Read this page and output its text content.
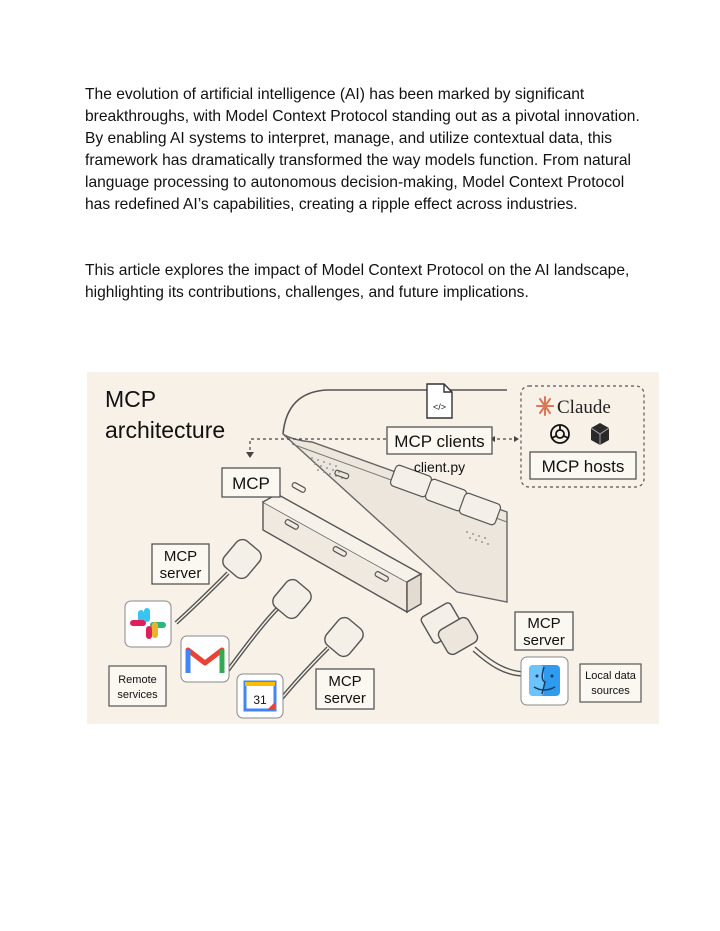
The evolution of artificial intelligence (AI) has been marked by significant breakthroughs, with Model Context Protocol standing out as a pivotal innovation. By enabling AI systems to interpret, manage, and utilize contextual data, this framework has dramatically transformed the way models function. From natural language processing to autonomous decision-making, Model Context Protocol has redefined AI’s capabilities, creating a ripple effect across industries.

This article explores the impact of Model Context Protocol on the AI landscape, highlighting its contributions, challenges, and future implications.

MCP
architecture
</>
MCP clients
client.py
Claude
MCP hosts
MCP
MCP
server
MCP
server
MCP
server
31
Remote
services
Local data
sources
